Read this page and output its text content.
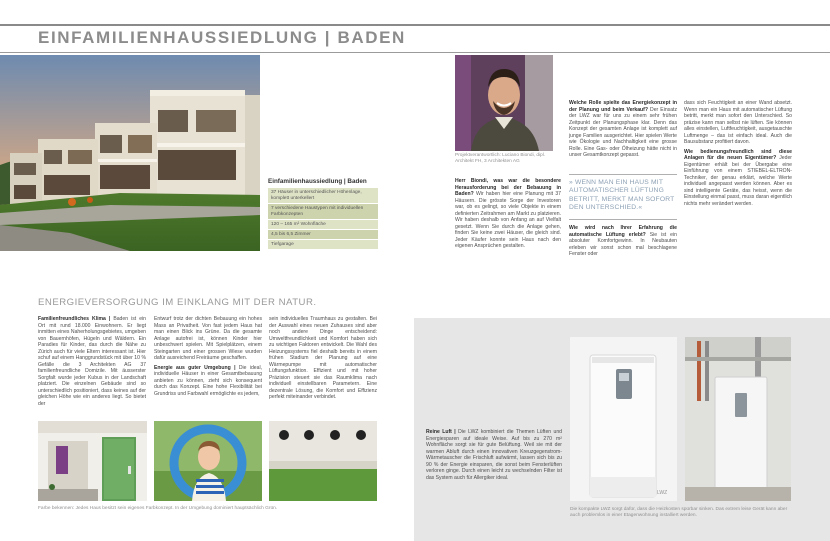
EINFAMILIENHAUSSIEDLUNG | BADEN
Einfamilienhaussiedlung | Baden
37 Häuser in unterschiedlicher Höhenlage, komplett unterkellert
7 verschiedene Haustypen mit individuellen Farbkonzepten
120 – 165 m² Wohnfläche
4,5 bis 6,5 Zimmer
Tiefgarage
Projektverantwortlich: Luciano Biondi, dipl. Architekt FH, 3 Architekten AG
Herr Biondi, was war die besondere Herausforderung bei der Bebauung in Baden? Wir haben hier eine Planung mit 37 Häusern. Die grösste Sorge der Investoren war, ob es gelingt, so viele Objekte in einem definierten Zeitrahmen am Markt zu platzieren. Wir haben deshalb von Anfang an auf Vielfalt gesetzt. Wenn Sie durch die Anlage gehen, finden Sie keine zwei Häuser, die gleich sind. Jeder Käufer konnte sein Haus nach den eigenen Ansprüchen gestalten.
Welche Rolle spielte das Energiekonzept in der Planung und beim Verkauf? Der Einsatz der LWZ war für uns zu einem sehr frühen Zeitpunkt der Planungsphase klar. Denn das Konzept der gesamten Anlage ist komplett auf junge Familien ausgerichtet. Hier spielen Werte wie Ökologie und Nachhaltigkeit eine grosse Rolle. Eine Gas- oder Ölheizung hätte nicht in unser Gesamtkonzept gepasst.
» WENN MAN EIN HAUS MIT AUTOMATISCHER LÜFTUNG BETRITT, MERKT MAN SOFORT DEN UNTERSCHIED.«
Wie wird nach Ihrer Erfahrung die automatische Lüftung erlebt? Sie ist ein absoluter Komfortgewinn. In Neubauten erleben wir sonst schon mal beschlagene Fenster oder
dass sich Feuchtigkeit an einer Wand absetzt. Wenn man ein Haus mit automatischer Lüftung betritt, merkt man sofort den Unterschied. So präzise kann man selbst nie lüften. Sie können alles einstellen, Luftfeuchtigkeit, ausgetauschte Luftmenge – das ist einfach ideal. Auch die Bausubstanz profitiert davon.
Wie bedienungsfreundlich sind diese Anlagen für die neuen Eigentümer? Jeder Eigentümer erhält bei der Übergabe eine Einführung von einem STIEBEL-ELTRON-Techniker, der genau erklärt, welche Werte individuell angepasst werden können. Aber es sind intelligente Geräte, das heisst, wenn die Einstellung einmal passt, muss daran eigentlich nichts mehr verändert werden.
ENERGIEVERSORGUNG IM EINKLANG MIT DER NATUR.
Familienfreundliches Klima | Baden ist ein Ort mit rund 18.000 Einwohnern. Er liegt inmitten eines Naherholungsgebietes, umgeben von Bauernhöfen, Hügeln und Wäldern. Ein Paradies für Kinder, das durch die Nähe zu Zürich auch für viele Eltern interessant ist. Hier schuf auf einem Hanggrundstück mit über 10 % Gefälle die 3 Architekten AG 37 familienfreundliche Domizile. Mit äusserster Sorgfalt wurde jeder Kubus in der Landschaft platziert. Die einzelnen Gebäude sind so unterschiedlich positioniert, dass keines auf der gleichen Höhe wie ein anderes liegt. So bietet der
Entwurf trotz der dichten Bebauung ein hohes Mass an Privatheit. Von fast jedem Haus hat man einen Blick ins Grüne. Da die gesamte Anlage autofrei ist, können Kinder hier unbeschwert spielen. Mit Spielplätzen, einem Steingarten und einer grossen Wiese wurden dafür ausreichend Freiräume geschaffen.
Energie aus guter Umgebung | Die ideal, individuelle Häuser in einer Gesamtbebauung anbieten zu können, zieht sich konsequent durch das Konzept. Eine hohe Flexibilität bei Grundriss und Farbwahl ermöglichte es jedem,
sein individuelles Traumhaus zu gestalten. Bei der Auswahl eines neuen Zuhauses sind aber noch andere Dinge entscheidend: Umweltfreundlichkeit und Komfort haben sich zu wichtigen Faktoren entwickelt. Die Wahl des Heizungssystems fiel deshalb bereits in einem frühen Stadium der Planung auf eine Wärmepumpe mit automatischer Lüftungsfunktion. Effizient und mit hoher Präzision steuert sie das Raumklima nach individuell einstellbaren Parametern. Eine dezentrale Lösung, die Komfort und Effizienz perfekt miteinander verbindet.
Farbe bekennen: Jedes Haus besitzt sein eigenes Farbkonzept. In der Umgebung dominiert hauptsächlich Grün.
Reine Luft | Die LWZ kombiniert die Themen Lüften und Energiesparen auf ideale Weise. Auf bis zu 270 m² Wohnfläche sorgt sie für gute Belüftung. Weil sie mit der warmen Abluft durch einen innovativen Kreuzgegenstrom-Wärmetauscher die Frischluft aufwärmt, lassen sich bis zu 90 % der Energie einsparen, die sonst beim Fensterlüften verloren ginge. Durch einen leicht zu wechselnden Filter ist das System auch für Allergiker ideal.
LWZ
Die kompakte LWZ sorgt dafür, dass die Heizkosten spürbar sinken. Das extrem leise Gerät kann aber auch problemlos in einer Etagenwohnung installiert werden.
